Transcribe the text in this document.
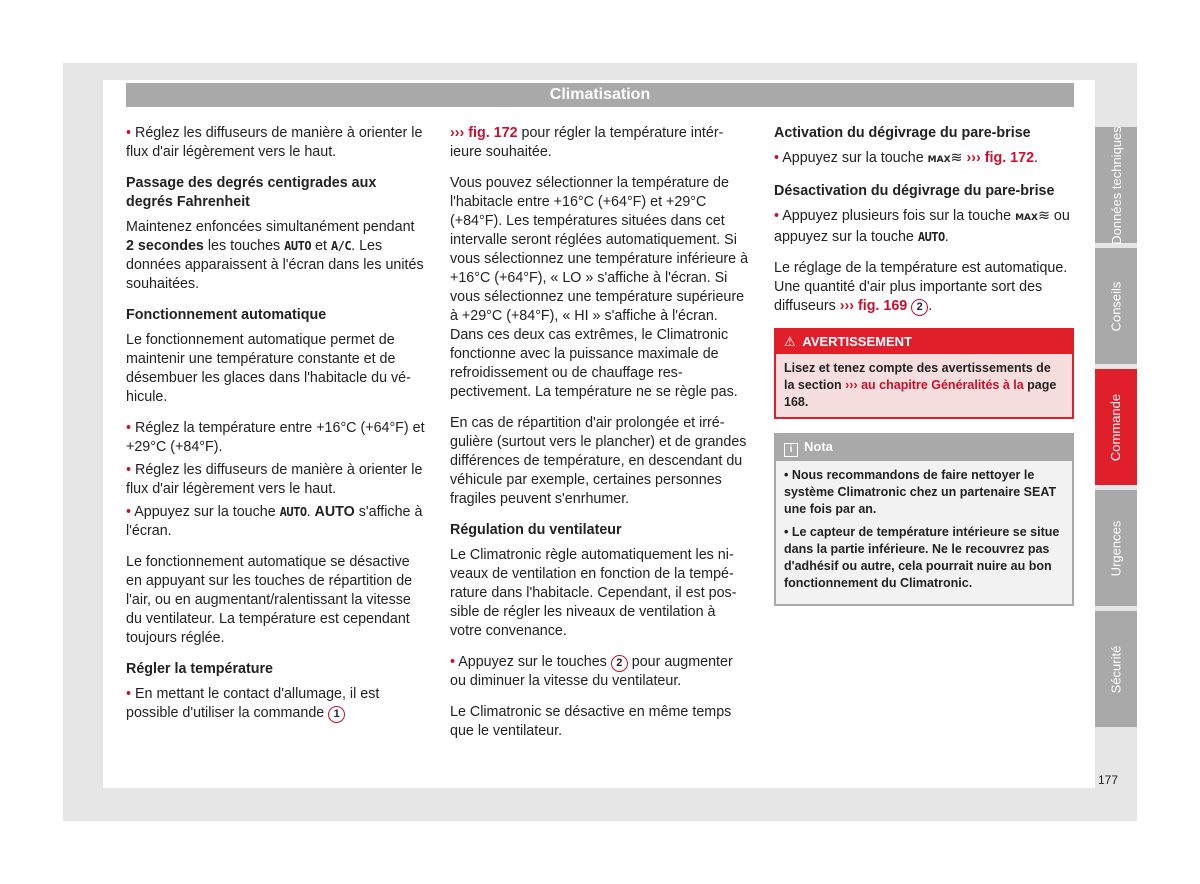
Climatisation

• Réglez les diffuseurs de manière à orienter le flux d'air légèrement vers le haut.

Passage des degrés centigrades aux degrés Fahrenheit

Maintenez enfoncées simultanément pendant 2 secondes les touches AUTO et A/C. Les données apparaissent à l'écran dans les unités souhaitées.

Fonctionnement automatique

Le fonctionnement automatique permet de maintenir une température constante et de désembuer les glaces dans l'habitacle du véhicule.

• Réglez la température entre +16°C (+64°F) et +29°C (+84°F).

• Réglez les diffuseurs de manière à orienter le flux d'air légèrement vers le haut.

• Appuyez sur la touche AUTO. AUTO s'affiche à l'écran.

Le fonctionnement automatique se désactive en appuyant sur les touches de répartition de l'air, ou en augmentant/ralentissant la vitesse du ventilateur. La température est cependant toujours réglée.

Régler la température

• En mettant le contact d'allumage, il est possible d'utiliser la commande 1

››› fig. 172 pour régler la température intérieure souhaitée.

Vous pouvez sélectionner la température de l'habitacle entre +16°C (+64°F) et +29°C (+84°F). Les températures situées dans cet intervalle seront réglées automatiquement. Si vous sélectionnez une température inférieure à +16°C (+64°F), « LO » s'affiche à l'écran. Si vous sélectionnez une température supérieure à +29°C (+84°F), « HI » s'affiche à l'écran. Dans ces deux cas extrêmes, le Climatronic fonctionne avec la puissance maximale de refroidissement ou de chauffage respectivement. La température ne se règle pas.

En cas de répartition d'air prolongée et irrégulière (surtout vers le plancher) et de grandes différences de température, en descendant du véhicule par exemple, certaines personnes fragiles peuvent s'enrhumer.

Régulation du ventilateur

Le Climatronic règle automatiquement les niveaux de ventilation en fonction de la température dans l'habitacle. Cependant, il est possible de régler les niveaux de ventilation à votre convenance.

• Appuyez sur le touches 2 pour augmenter ou diminuer la vitesse du ventilateur.

Le Climatronic se désactive en même temps que le ventilateur.

Activation du dégivrage du pare-brise

• Appuyez sur la touche MAX≋ ››› fig. 172.

Désactivation du dégivrage du pare-brise

• Appuyez plusieurs fois sur la touche MAX≋ ou appuyez sur la touche AUTO.

Le réglage de la température est automatique. Une quantité d'air plus importante sort des diffuseurs ››› fig. 169 2 .

⚠ AVERTISSEMENT
Lisez et tenez compte des avertissements de la section ››› au chapitre Généralités à la page 168.
i Nota

• Nous recommandons de faire nettoyer le système Climatronic chez un partenaire SEAT une fois par an.

• Le capteur de température intérieure se situe dans la partie inférieure. Ne le recouvrez pas d'adhésif ou autre, cela pourrait nuire au bon fonctionnement du Climatronic.

Données techniques
Conseils
Commande
Urgences
Sécurité
177
